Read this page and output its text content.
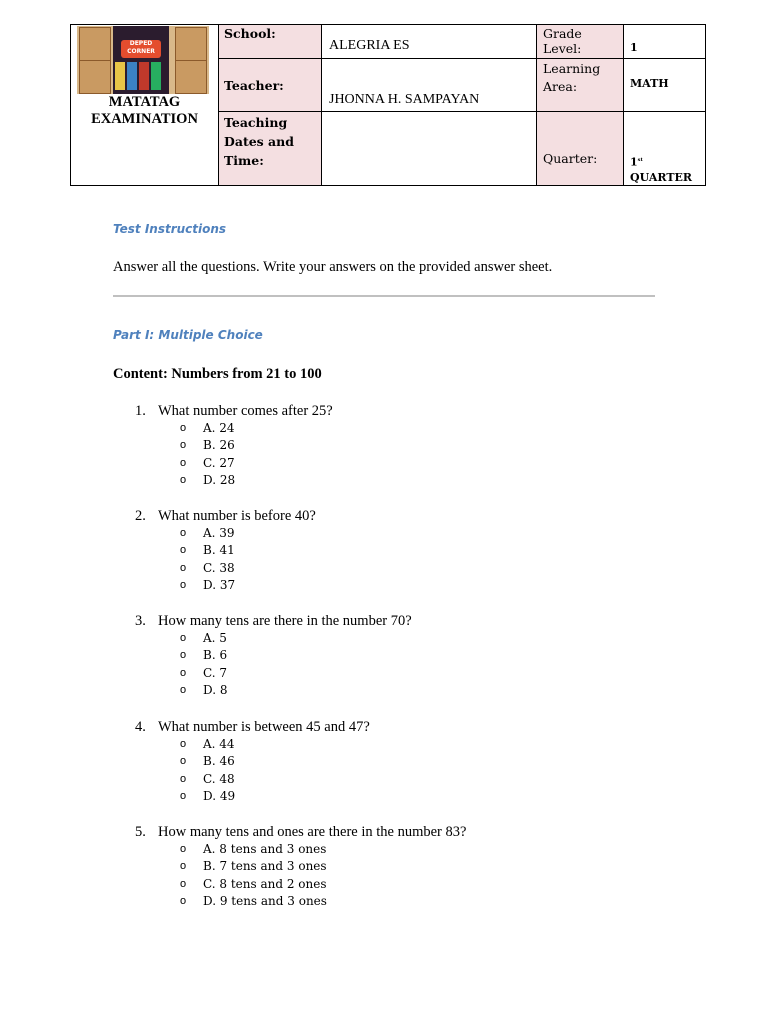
DEPED CORNER
MATATAG EXAMINATION	School:	ALEGRIA ES	Grade Level:	1

	Teacher:	JHONNA H. SAMPAYAN	Learning Area:	MATH

	Teaching Dates and Time:		Quarter:	1st
QUARTER
Test Instructions
Answer all the questions. Write your answers on the provided answer sheet.
Part I: Multiple Choice
Content: Numbers from 21 to 100
1. What number comes after 25?
o A. 24
o B. 26
o C. 27
o D. 28
2. What number is before 40?
o A. 39
o B. 41
o C. 38
o D. 37
3. How many tens are there in the number 70?
o A. 5
o B. 6
o C. 7
o D. 8
4. What number is between 45 and 47?
o A. 44
o B. 46
o C. 48
o D. 49
5. How many tens and ones are there in the number 83?
o A. 8 tens and 3 ones
o B. 7 tens and 3 ones
o C. 8 tens and 2 ones
o D. 9 tens and 3 ones
